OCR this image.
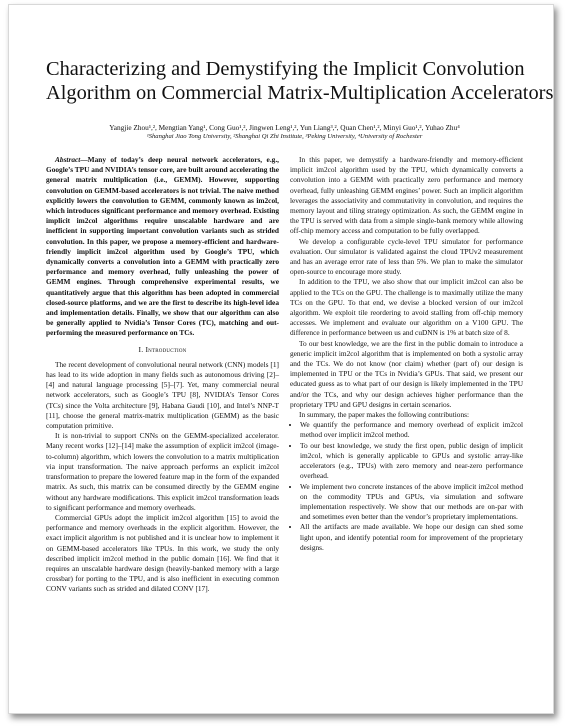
Characterizing and Demystifying the Implicit Convolution
Algorithm on Commercial Matrix-Multiplication Accelerators

Yangjie Zhou¹,², Mengtian Yang¹, Cong Guo¹,², Jingwen Leng¹,², Yun Liang³,², Quan Chen¹,², Minyi Guo¹,², Yuhao Zhu⁴

¹Shanghai Jiao Tong University, ²Shanghai Qi Zhi Institute, ³Peking University, ⁴University of Rochester

Abstract—Many of today’s deep neural network accelerators, e.g., Google’s TPU and NVIDIA’s tensor core, are built around accelerating the general matrix multiplication (i.e., GEMM). However, supporting convolution on GEMM-based accelerators is not trivial. The naive method explicitly lowers the convolution to GEMM, commonly known as im2col, which introduces significant performance and memory overhead. Existing implicit im2col algorithms require unscalable hardware and are inefficient in supporting important convolution variants such as strided convolution. In this paper, we propose a memory-efficient and hardware-friendly implicit im2col algorithm used by Google’s TPU, which dynamically converts a convolution into a GEMM with practically zero performance and memory overhead, fully unleashing the power of GEMM engines. Through comprehensive experimental results, we quantitatively argue that this algorithm has been adopted in commercial closed-source platforms, and we are the first to describe its high-level idea and implementation details. Finally, we show that our algorithm can also be generally applied to Nvidia’s Tensor Cores (TC), matching and out-performing the measured performance on TCs.

I. Introduction

The recent development of convolutional neural network (CNN) models [1] has lead to its wide adoption in many fields such as autonomous driving [2]–[4] and natural language processing [5]–[7]. Yet, many commercial neural network accelerators, such as Google’s TPU [8], NVIDIA’s Tensor Cores (TCs) since the Volta architecture [9], Habana Gaudi [10], and Intel’s NNP-T [11], choose the general matrix-matrix multiplication (GEMM) as the basic computation primitive.

It is non-trivial to support CNNs on the GEMM-specialized accelerator. Many recent works [12]–[14] make the assumption of explicit im2col (image-to-column) algorithm, which lowers the convolution to a matrix multiplication via input transformation. The naive approach performs an explicit im2col transformation to prepare the lowered feature map in the form of the expanded matrix. As such, this matrix can be consumed directly by the GEMM engine without any hardware modifications. This explicit im2col transformation leads to significant performance and memory overheads.

Commercial GPUs adopt the implicit im2col algorithm [15] to avoid the performance and memory overheads in the explicit algorithm. However, the exact implicit algorithm is not published and it is unclear how to implement it on GEMM-based accelerators like TPUs. In this work, we study the only described implicit im2col method in the public domain [16]. We find that it requires an unscalable hardware design (heavily-banked memory with a large crossbar) for porting to the TPU, and is also inefficient in executing common CONV variants such as strided and dilated CONV [17].

In this paper, we demystify a hardware-friendly and memory-efficient implicit im2col algorithm used by the TPU, which dynamically converts a convolution into a GEMM with practically zero performance and memory overhead, fully unleashing GEMM engines’ power. Such an implicit algorithm leverages the associativity and commutativity in convolution, and requires the memory layout and tiling strategy optimization. As such, the GEMM engine in the TPU is served with data from a simple single-bank memory while allowing off-chip memory access and computation to be fully overlapped.

We develop a configurable cycle-level TPU simulator for performance evaluation. Our simulator is validated against the cloud TPUv2 measurement and has an average error rate of less than 5%. We plan to make the simulator open-source to encourage more study.

In addition to the TPU, we also show that our implicit im2col can also be applied to the TCs on the GPU. The challenge is to maximally utilize the many TCs on the GPU. To that end, we devise a blocked version of our im2col algorithm. We exploit tile reordering to avoid stalling from off-chip memory accesses. We implement and evaluate our algorithm on a V100 GPU. The difference in performance between us and cuDNN is 1% at batch size of 8.

To our best knowledge, we are the first in the public domain to introduce a generic implicit im2col algorithm that is implemented on both a systolic array and the TCs. We do not know (nor claim) whether (part of) our design is implemented in TPU or the TCs in Nvidia’s GPUs. That said, we present our educated guess as to what part of our design is likely implemented in the TPU and/or the TCs, and why our design achieves higher performance than the proprietary TPU and GPU designs in certain scenarios.

In summary, the paper makes the following contributions:

• We quantify the performance and memory overhead of explicit im2col method over implicit im2col method.
• To our best knowledge, we study the first open, public design of implicit im2col, which is generally applicable to GPUs and systolic array-like accelerators (e.g., TPUs) with zero memory and near-zero performance overhead.
• We implement two concrete instances of the above implicit im2col method on the commodity TPUs and GPUs, via simulation and software implementation respectively. We show that our methods are on-par with and sometimes even better than the vendor’s proprietary implementations.
• All the artifacts are made available. We hope our design can shed some light upon, and identify potential room for improvement of the proprietary designs.
